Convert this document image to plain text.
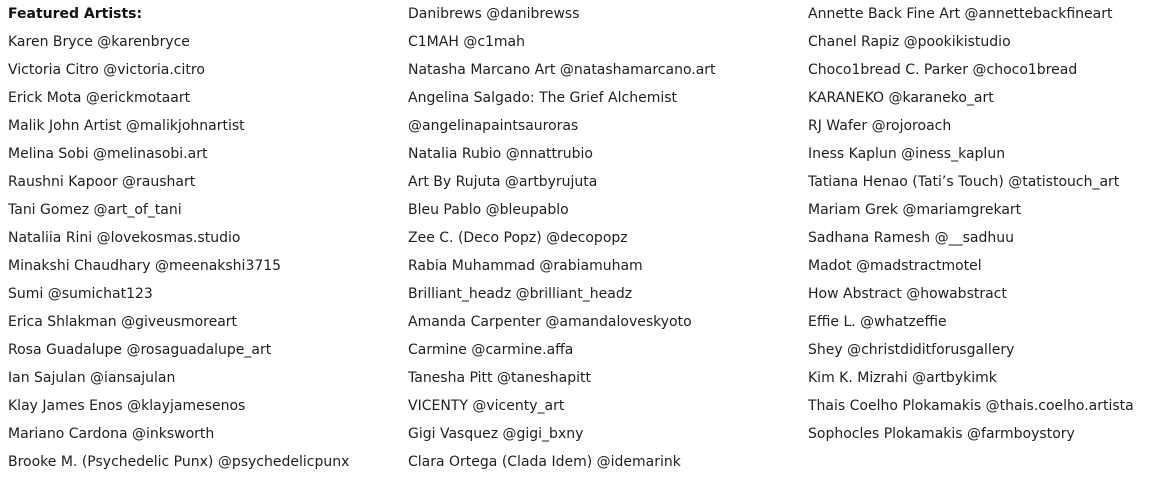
Featured Artists:
Karen Bryce @karenbryce
Victoria Citro @victoria.citro
Erick Mota @erickmotaart
Malik John Artist @malikjohnartist
Melina Sobi @melinasobi.art
Raushni Kapoor @raushart
Tani Gomez @art_of_tani
Nataliia Rini @lovekosmas.studio
Minakshi Chaudhary @meenakshi3715
Sumi @sumichat123
Erica Shlakman @giveusmoreart
Rosa Guadalupe @rosaguadalupe_art
Ian Sajulan @iansajulan
Klay James Enos @klayjamesenos
Mariano Cardona @inksworth
Brooke M. (Psychedelic Punx) @psychedelicpunx
Danibrews @danibrewss
C1MAH @c1mah
Natasha Marcano Art @natashamarcano.art
Angelina Salgado: The Grief Alchemist
@angelinapaintsauroras
Natalia Rubio @nnattrubio
Art By Rujuta @artbyrujuta
Bleu Pablo @bleupablo
Zee C. (Deco Popz) @decopopz
Rabia Muhammad @rabiamuham
Brilliant_headz @brilliant_headz
Amanda Carpenter @amandaloveskyoto
Carmine @carmine.affa
Tanesha Pitt @taneshapitt
VICENTY @vicenty_art
Gigi Vasquez @gigi_bxny
Clara Ortega (Clada Idem) @idemarink
Annette Back Fine Art @annettebackfineart
Chanel Rapiz @pookikistudio
Choco1bread C. Parker @choco1bread
KARANEKO @karaneko_art
RJ Wafer @rojoroach
Iness Kaplun @iness_kaplun
Tatiana Henao (Tati’s Touch) @tatistouch_art
Mariam Grek @mariamgrekart
Sadhana Ramesh @__sadhuu
Madot @madstractmotel
How Abstract @howabstract
Effie L. @whatzeffie
Shey @christdiditforusgallery
Kim K. Mizrahi @artbykimk
Thais Coelho Plokamakis @thais.coelho.artista
Sophocles Plokamakis @farmboystory
